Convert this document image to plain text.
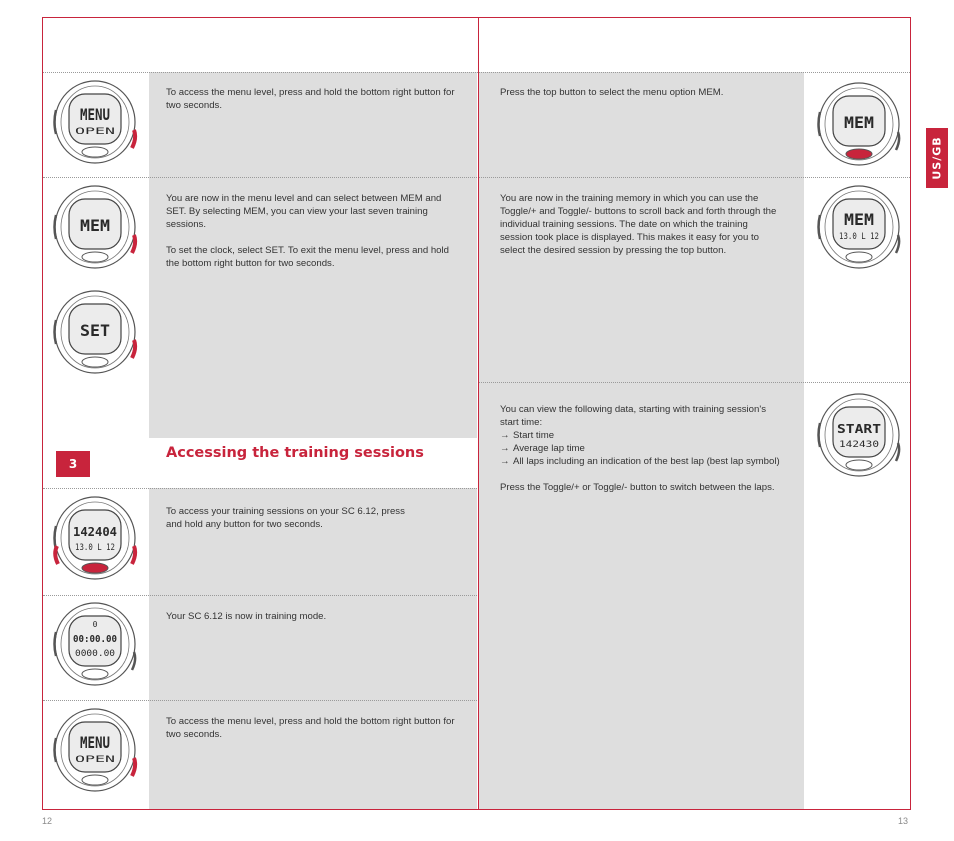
3
Accessing the training sessions
US/GB

To access the menu level, press and hold the bottom right button for two seconds.

You are now in the menu level and can select between MEM and SET. By selecting MEM, you can view your last seven training sessions.

To set the clock, select SET. To exit the menu level, press and hold the bottom right button for two seconds.

To access your training sessions on your SC 6.12, press and hold any button for two seconds.

Your SC 6.12 is now in training mode.

To access the menu level, press and hold the bottom right button for two seconds.

Press the top button to select the menu option MEM.

You are now in the training memory in which you can use the Toggle/+ and Toggle/- buttons to scroll back and forth through the individual training sessions. The date on which the training session took place is displayed. This makes it easy for you to select the desired session by pressing the top button.

You can view the following data, starting with training session's start time:

→ Start time
→ Average lap time
→ All laps including an indication of the best lap (best lap symbol)

Press the Toggle/+ or Toggle/- button to switch between the laps.

MENU
OPEN
MEM
SET
142404
13.0 L 12
0
00:00.00
0000.00
MENU
OPEN
MEM
MEM
13.0 L 12
START
142430
12	13
